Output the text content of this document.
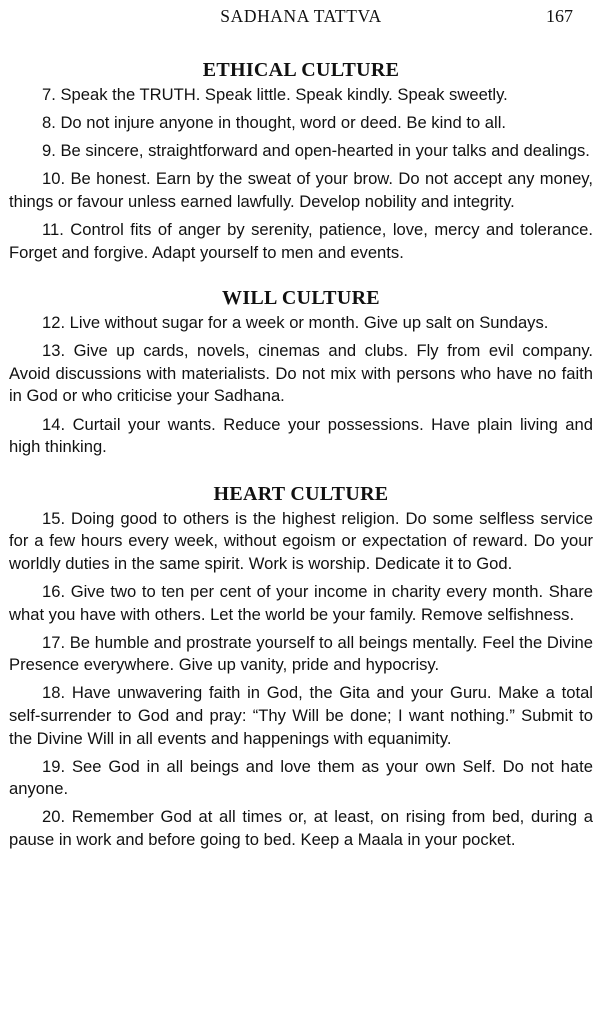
SADHANA TATTVA	167
ETHICAL CULTURE

7. Speak the TRUTH. Speak little. Speak kindly. Speak sweetly.

8. Do not injure anyone in thought, word or deed. Be kind to all.

9. Be sincere, straightforward and open-hearted in your talks and dealings.

10. Be honest. Earn by the sweat of your brow. Do not accept any money, things or favour unless earned lawfully. Develop nobility and integrity.

11. Control fits of anger by serenity, patience, love, mercy and tolerance. Forget and forgive. Adapt yourself to men and events.

WILL CULTURE

12. Live without sugar for a week or month. Give up salt on Sundays.

13. Give up cards, novels, cinemas and clubs. Fly from evil company. Avoid discussions with materialists. Do not mix with persons who have no faith in God or who criticise your Sadhana.

14. Curtail your wants. Reduce your possessions. Have plain living and high thinking.

HEART CULTURE

15. Doing good to others is the highest religion. Do some selfless service for a few hours every week, without egoism or expectation of reward. Do your worldly duties in the same spirit. Work is worship. Dedicate it to God.

16. Give two to ten per cent of your income in charity every month. Share what you have with others. Let the world be your family. Remove selfishness.

17. Be humble and prostrate yourself to all beings mentally. Feel the Divine Presence everywhere. Give up vanity, pride and hypocrisy.

18. Have unwavering faith in God, the Gita and your Guru. Make a total self-surrender to God and pray: “Thy Will be done; I want nothing.” Submit to the Divine Will in all events and happenings with equanimity.

19. See God in all beings and love them as your own Self. Do not hate anyone.

20. Remember God at all times or, at least, on rising from bed, during a pause in work and before going to bed. Keep a Maala in your pocket.
